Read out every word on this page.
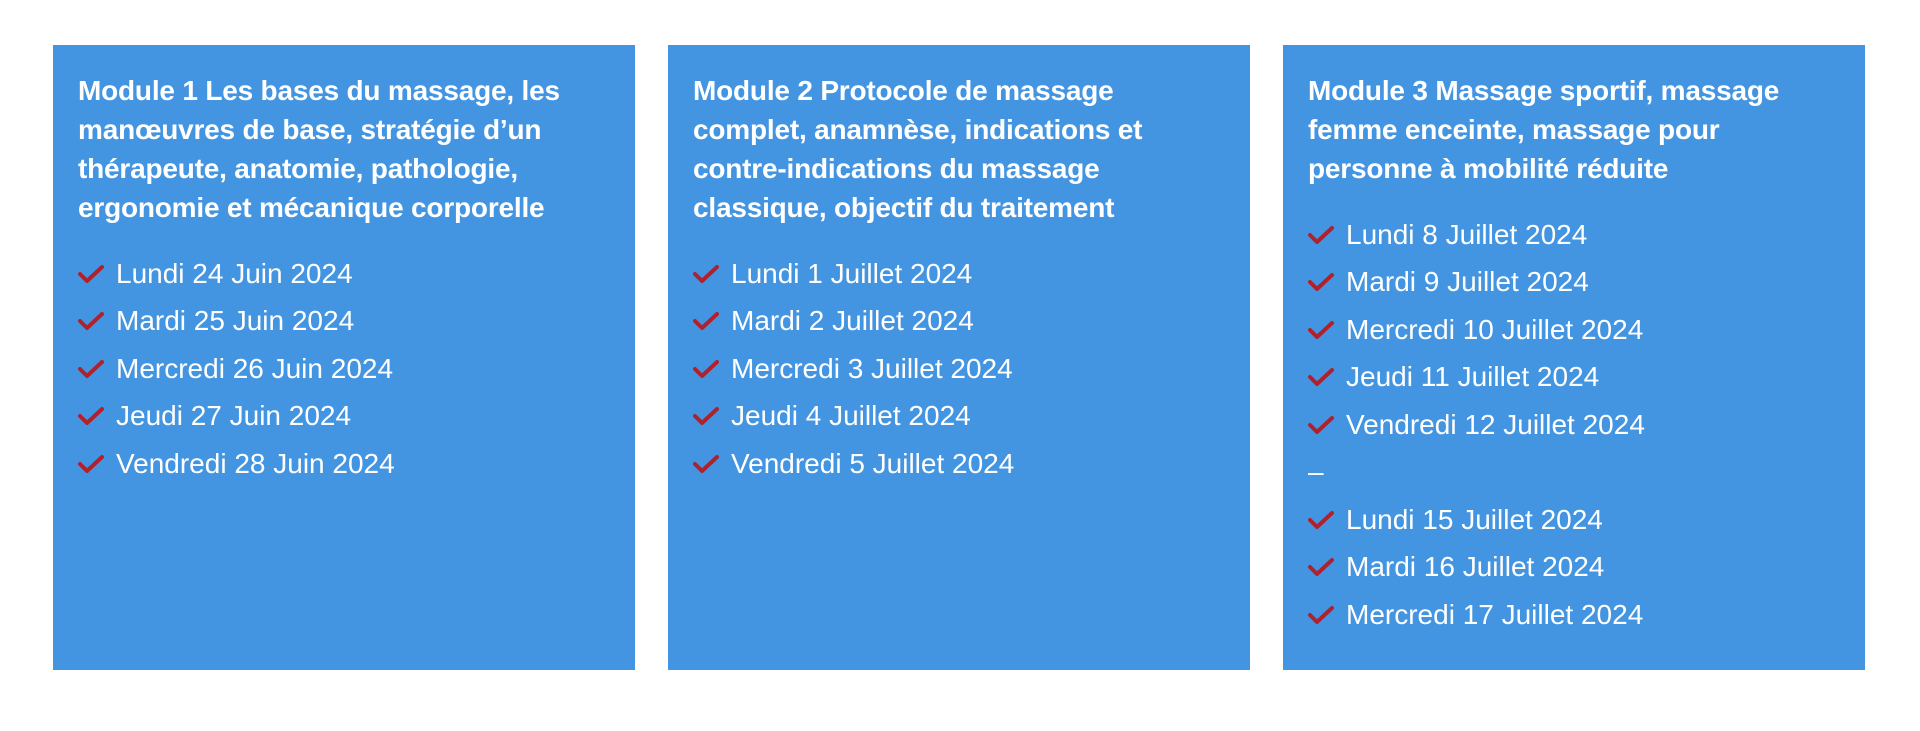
Module 1 Les bases du massage, les manœuvres de base, stratégie d’un thérapeute, anatomie, pathologie, ergonomie et mécanique corporelle
Lundi 24 Juin 2024
Mardi 25 Juin 2024
Mercredi 26 Juin 2024
Jeudi 27 Juin 2024
Vendredi 28 Juin 2024
Module 2 Protocole de massage complet, anamnèse, indications et contre-indications du massage classique, objectif du traitement
Lundi 1 Juillet 2024
Mardi 2 Juillet 2024
Mercredi 3 Juillet 2024
Jeudi 4 Juillet 2024
Vendredi 5 Juillet 2024
Module 3 Massage sportif, massage femme enceinte, massage pour personne à mobilité réduite
Lundi 8 Juillet 2024
Mardi 9 Juillet 2024
Mercredi 10 Juillet 2024
Jeudi 11 Juillet 2024
Vendredi 12 Juillet 2024
–
Lundi 15 Juillet 2024
Mardi 16 Juillet 2024
Mercredi 17 Juillet 2024
